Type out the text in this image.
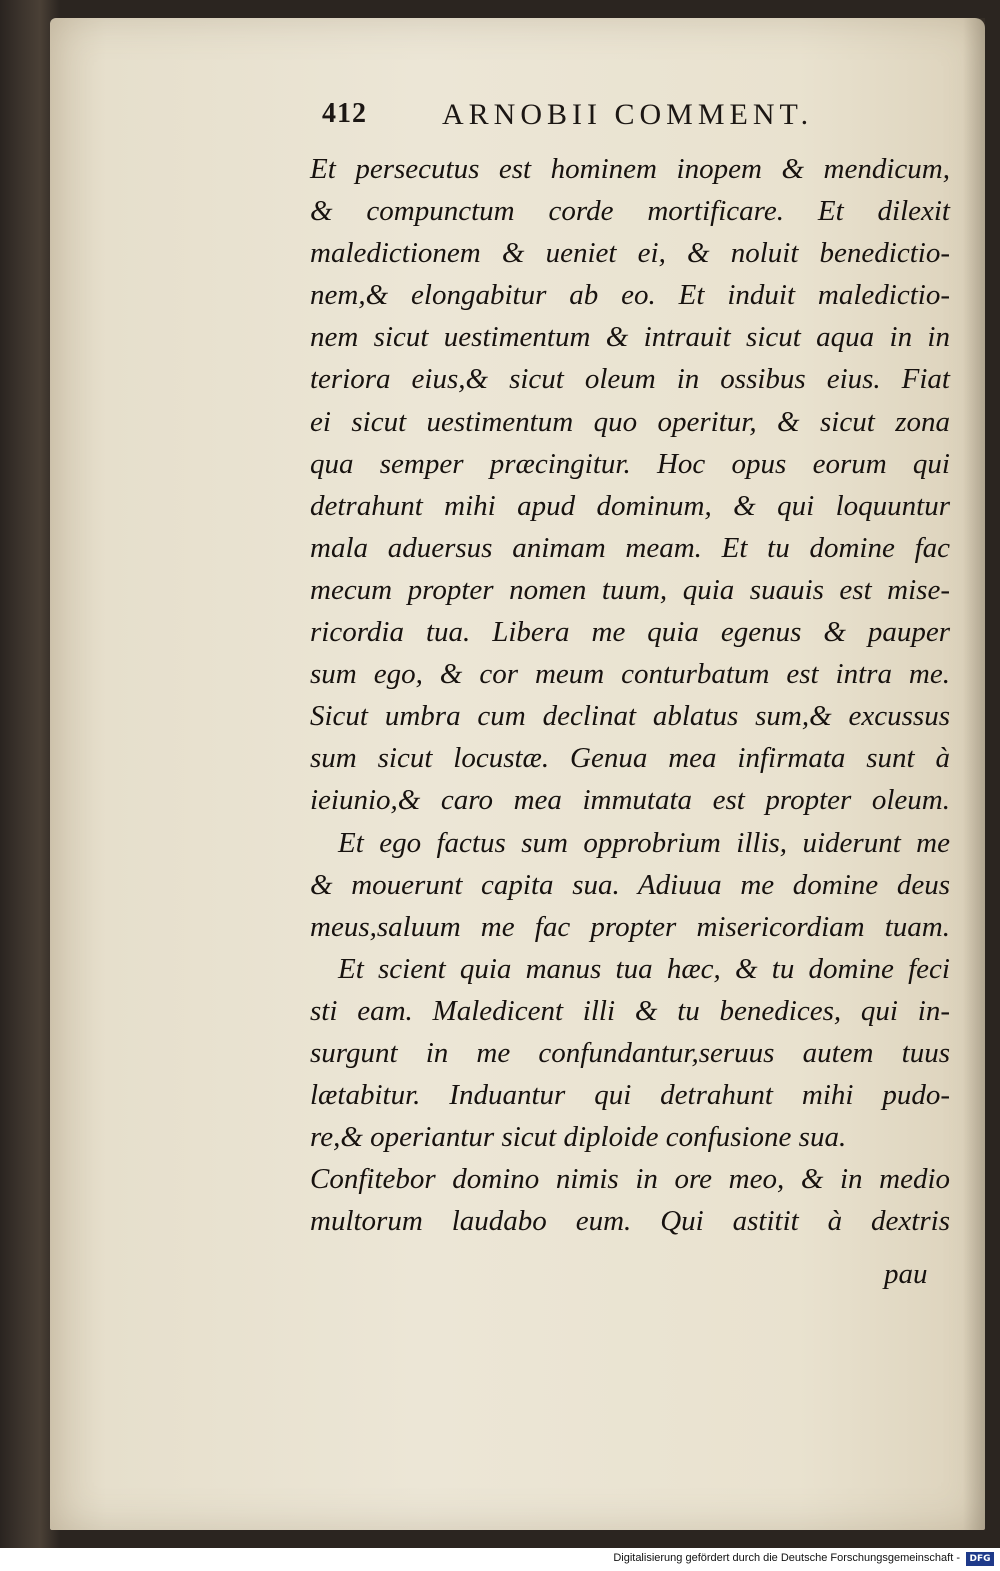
412	ARNOBII COMMENT.
Et persecutus est hominem inopem & mendicum,
& compunctum corde mortificare. Et dilexit
maledictionem & ueniet ei, & noluit benedictio-
nem,& elongabitur ab eo. Et induit maledictio-
nem sicut uestimentum & intrauit sicut aqua in in
teriora eius,& sicut oleum in ossibus eius. Fiat
ei sicut uestimentum quo operitur, & sicut zona
qua semper præcingitur. Hoc opus eorum qui
detrahunt mihi apud dominum, & qui loquuntur
mala aduersus animam meam. Et tu domine fac
mecum propter nomen tuum, quia suauis est mise-
ricordia tua. Libera me quia egenus & pauper
sum ego, & cor meum conturbatum est intra me.
Sicut umbra cum declinat ablatus sum,& excussus
sum sicut locustæ. Genua mea infirmata sunt à
ieiunio,& caro mea immutata est propter oleum.
Et ego factus sum opprobrium illis, uiderunt me
& mouerunt capita sua. Adiuua me domine deus
meus,saluum me fac propter misericordiam tuam.
Et scient quia manus tua hæc, & tu domine feci
sti eam. Maledicent illi & tu benedices, qui in-
surgunt in me confundantur,seruus autem tuus
lætabitur. Induantur qui detrahunt mihi pudo-
re,& operiantur sicut diploide confusione sua.
Confitebor domino nimis in ore meo, & in medio
multorum laudabo eum. Qui astitit à dextris
pau
Digitalisierung gefördert durch die Deutsche Forschungsgemeinschaft -	DFG
